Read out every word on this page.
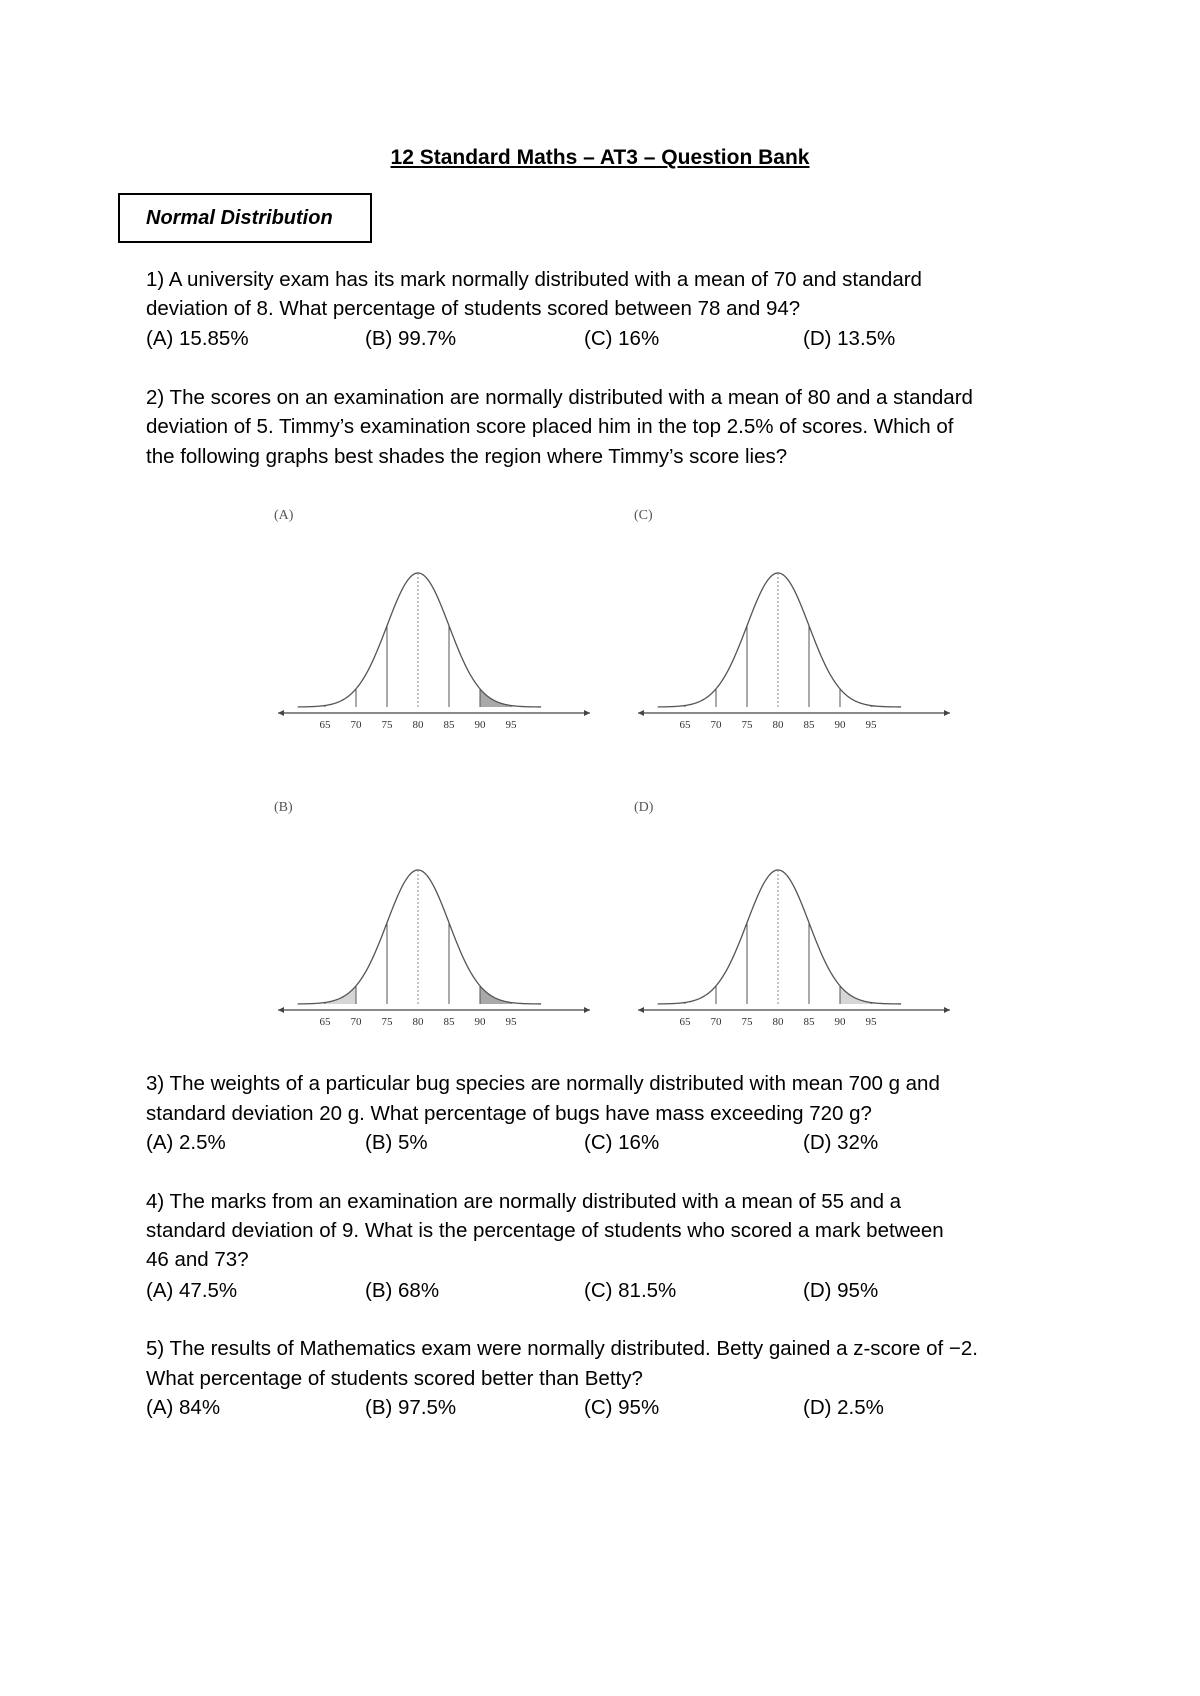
12 Standard Maths – AT3 – Question Bank
Normal Distribution
1) A university exam has its mark normally distributed with a mean of 70 and standard
deviation of 8. What percentage of students scored between 78 and 94?
(A) 15.85%	(B) 99.7%	(C) 16%	(D) 13.5%
2) The scores on an examination are normally distributed with a mean of 80 and a standard
deviation of 5. Timmy’s examination score placed him in the top 2.5% of scores. Which of
the following graphs best shades the region where Timmy’s score lies?
(A)	(C)
(B)	(D)
65 70 75 80 85 90 95	65 70 75 80 85 90 95
65 70 75 80 85 90 95	65 70 75 80 85 90 95
3) The weights of a particular bug species are normally distributed with mean 700 g and
standard deviation 20 g. What percentage of bugs have mass exceeding 720 g?
(A) 2.5%	(B) 5%	(C) 16%	(D) 32%
4) The marks from an examination are normally distributed with a mean of 55 and a
standard deviation of 9. What is the percentage of students who scored a mark between
46 and 73?
(A) 47.5%	(B) 68%	(C) 81.5%	(D) 95%
5) The results of Mathematics exam were normally distributed. Betty gained a z-score of −2.
What percentage of students scored better than Betty?
(A) 84%	(B) 97.5%	(C) 95%	(D) 2.5%
